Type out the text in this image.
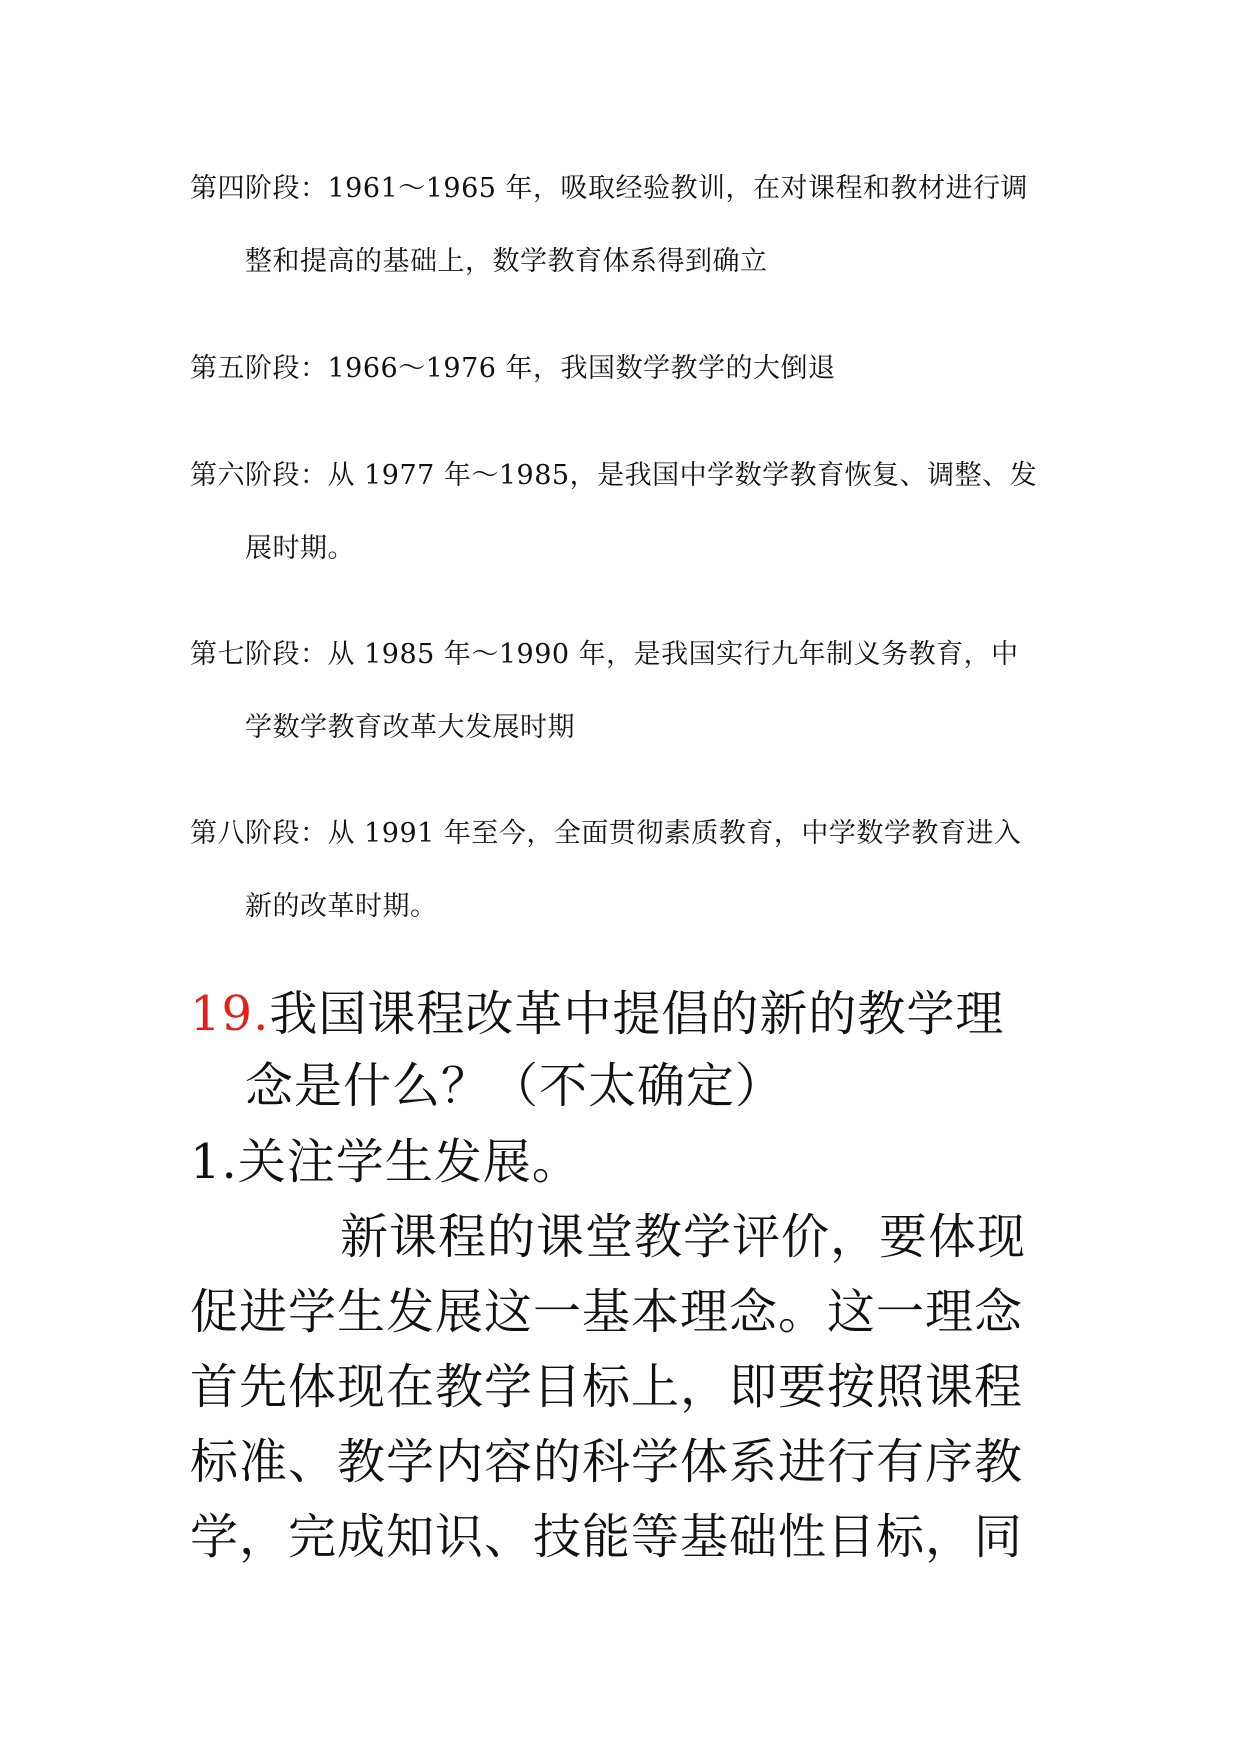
第四阶段：1961～1965 年，吸取经验教训，在对课程和教材进行调
整和提高的基础上，数学教育体系得到确立
第五阶段：1966～1976 年，我国数学教学的大倒退
第六阶段：从 1977 年～1985，是我国中学数学教育恢复、调整、发
展时期。
第七阶段：从 1985 年～1990 年，是我国实行九年制义务教育，中
学数学教育改革大发展时期
第八阶段：从 1991 年至今，全面贯彻素质教育，中学数学教育进入
新的改革时期。
19.我国课程改革中提倡的新的教学理
念是什么？（不太确定）
1.关注学生发展。
新课程的课堂教学评价，要体现
促进学生发展这一基本理念。这一理念
首先体现在教学目标上，即要按照课程
标准、教学内容的科学体系进行有序教
学，完成知识、技能等基础性目标，同
